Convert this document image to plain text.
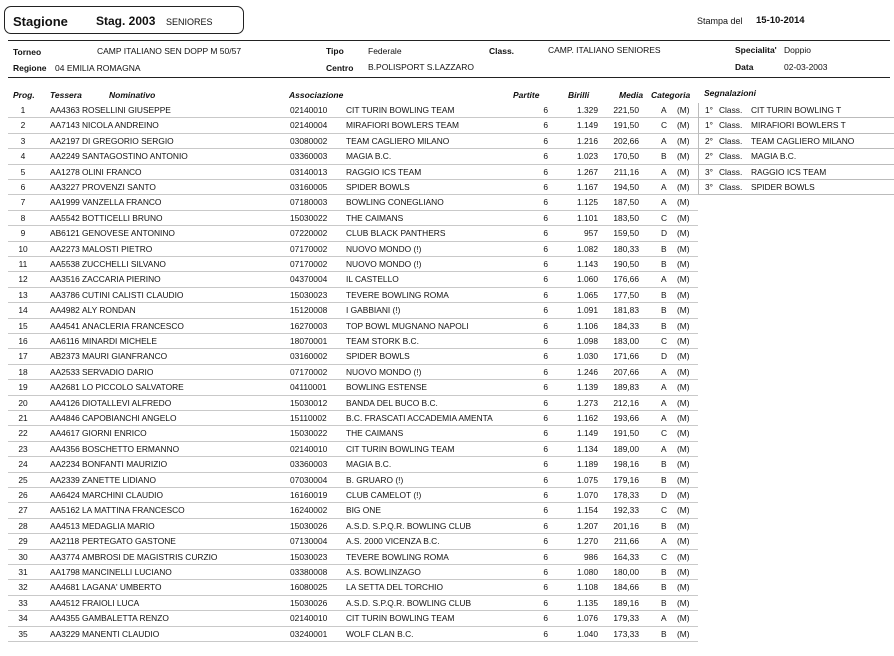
Stagione Stag. 2003 SENIORES	Stampa del 15-10-2014
Torneo	CAMP ITALIANO SEN DOPP M 50/57
Regione 04 EMILIA ROMAGNA
Tipo	Federale
Centro B.POLISPORT S.LAZZARO
Class.	CAMP. ITALIANO SENIORES	Specialita' Doppio
Data	02-03-2003
Prog. Tessera	Nominativo	Associazione	Partite	Birilli	Media Categoria Segnalazioni
1	AA4363 ROSELLINI GIUSEPPE	02140010 CIT TURIN BOWLING TEAM	6	1.329	221,50	A (M)
2	AA7143 NICOLA ANDREINO	02140004 MIRAFIORI BOWLERS TEAM	6	1.149	191,50	C (M)
3	AA2197 DI GREGORIO SERGIO	03080002 TEAM CAGLIERO MILANO	6	1.216	202,66	A (M)
4	AA2249 SANTAGOSTINO ANTONIO	03360003 MAGIA B.C.	6	1.023	170,50	B (M)
5	AA1278 OLINI FRANCO	03140013 RAGGIO ICS TEAM	6	1.267	211,16	A (M)
6	AA3227 PROVENZI SANTO	03160005 SPIDER BOWLS	6	1.167	194,50	A (M)
7	AA1999 VANZELLA FRANCO	07180003 BOWLING CONEGLIANO	6	1.125	187,50	A (M)
8	AA5542 BOTTICELLI BRUNO	15030022 THE CAIMANS	6	1.101	183,50	C (M)
9	AB6121 GENOVESE ANTONINO	07220002 CLUB BLACK PANTHERS	6	957	159,50	D (M)
10	AA2273 MALOSTI PIETRO	07170002 NUOVO MONDO (!)	6	1.082	180,33	B (M)
11	AA5538 ZUCCHELLI SILVANO	07170002 NUOVO MONDO (!)	6	1.143	190,50	B (M)
12	AA3516 ZACCARIA PIERINO	04370004 IL CASTELLO	6	1.060	176,66	A (M)
13	AA3786 CUTINI CALISTI CLAUDIO	15030023 TEVERE BOWLING ROMA	6	1.065	177,50	B (M)
14	AA4982 ALY RONDAN	15120008 I GABBIANI (!)	6	1.091	181,83	B (M)
15	AA4541 ANACLERIA FRANCESCO	16270003 TOP BOWL MUGNANO NAPOLI	6	1.106	184,33	B (M)
16	AA6116 MINARDI MICHELE	18070001 TEAM STORK B.C.	6	1.098	183,00	C (M)
17	AB2373 MAURI GIANFRANCO	03160002 SPIDER BOWLS	6	1.030	171,66	D (M)
18	AA2533 SERVADIO DARIO	07170002 NUOVO MONDO (!)	6	1.246	207,66	A (M)
19	AA2681 LO PICCOLO SALVATORE	04110001 BOWLING ESTENSE	6	1.139	189,83	A (M)
20	AA4126 DIOTALLEVI ALFREDO	15030012 BANDA DEL BUCO B.C.	6	1.273	212,16	A (M)
21	AA4846 CAPOBIANCHI ANGELO	15110002 B.C. FRASCATI ACCADEMIA AMENTA	6	1.162	193,66	A (M)
22	AA4617 GIORNI ENRICO	15030022 THE CAIMANS	6	1.149	191,50	C (M)
23	AA4356 BOSCHETTO ERMANNO	02140010 CIT TURIN BOWLING TEAM	6	1.134	189,00	A (M)
24	AA2234 BONFANTI MAURIZIO	03360003 MAGIA B.C.	6	1.189	198,16	B (M)
25	AA2339 ZANETTE LIDIANO	07030004 B. GRUARO (!)	6	1.075	179,16	B (M)
26	AA6424 MARCHINI CLAUDIO	16160019 CLUB CAMELOT (!)	6	1.070	178,33	D (M)
27	AA5162 LA MATTINA FRANCESCO	16240002 BIG ONE	6	1.154	192,33	C (M)
28	AA4513 MEDAGLIA MARIO	15030026 A.S.D. S.P.Q.R. BOWLING CLUB	6	1.207	201,16	B (M)
29	AA2118 PERTEGATO GASTONE	07130004 A.S. 2000 VICENZA B.C.	6	1.270	211,66	A (M)
30	AA3774 AMBROSI DE MAGISTRIS CURZIO	15030023 TEVERE BOWLING ROMA	6	986	164,33	C (M)
31	AA1798 MANCINELLI LUCIANO	03380008 A.S. BOWLINZAGO	6	1.080	180,00	B (M)
32	AA4681 LAGANA' UMBERTO	16080025 LA SETTA DEL TORCHIO	6	1.108	184,66	B (M)
33	AA4512 FRAIOLI LUCA	15030026 A.S.D. S.P.Q.R. BOWLING CLUB	6	1.135	189,16	B (M)
34	AA4355 GAMBALETTA RENZO	02140010 CIT TURIN BOWLING TEAM	6	1.076	179,33	A (M)
35	AA3229 MANENTI CLAUDIO	03240001 WOLF CLAN B.C.	6	1.040	173,33	B (M)
1° Class. CIT TURIN BOWLING T
1° Class. MIRAFIORI BOWLERS T
2° Class. TEAM CAGLIERO MILANO
2° Class. MAGIA B.C.
3° Class. RAGGIO ICS TEAM
3° Class. SPIDER BOWLS
